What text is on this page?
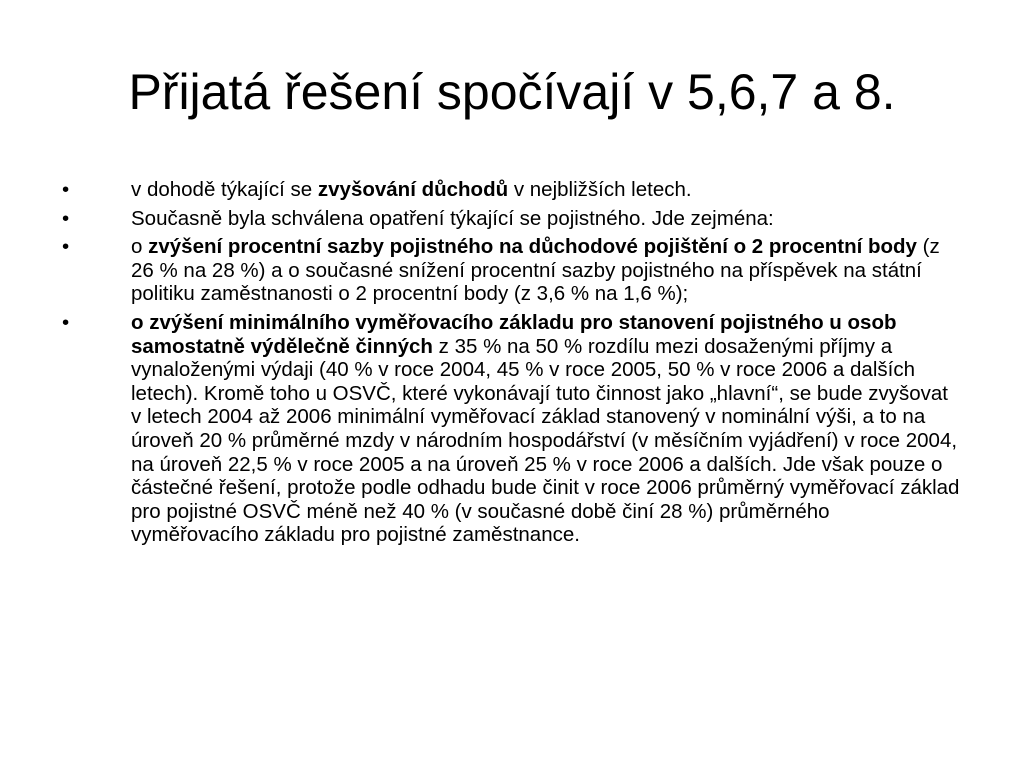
Přijatá řešení spočívají v 5,6,7 a 8.
•	v dohodě týkající se zvyšování důchodů v nejbližších letech.
•	Současně byla schválena opatření týkající se pojistného. Jde zejména:
•	o zvýšení procentní sazby pojistného na důchodové pojištění o 2 procentní body (z 26 % na 28 %) a o současné snížení procentní sazby pojistného na příspěvek na státní politiku zaměstnanosti o 2 procentní body (z 3,6 % na 1,6 %);
•	o zvýšení minimálního vyměřovacího základu pro stanovení pojistného u osob samostatně výdělečně činných z 35 % na 50 % rozdílu mezi dosaženými příjmy a vynaloženými výdaji (40 % v roce 2004, 45 % v roce 2005, 50 % v roce 2006 a dalších letech). Kromě toho u OSVČ, které vykonávají tuto činnost jako „hlavní“, se bude zvyšovat v letech 2004 až 2006 minimální vyměřovací základ stanovený v nominální výši, a to na úroveň 20 % průměrné mzdy v národním hospodářství (v měsíčním vyjádření) v roce 2004, na úroveň 22,5 % v roce 2005 a na úroveň 25 % v roce 2006 a dalších. Jde však pouze o částečné řešení, protože podle odhadu bude činit v roce 2006 průměrný vyměřovací základ pro pojistné OSVČ méně než 40 % (v současné době činí 28 %) průměrného vyměřovacího základu pro pojistné zaměstnance.
